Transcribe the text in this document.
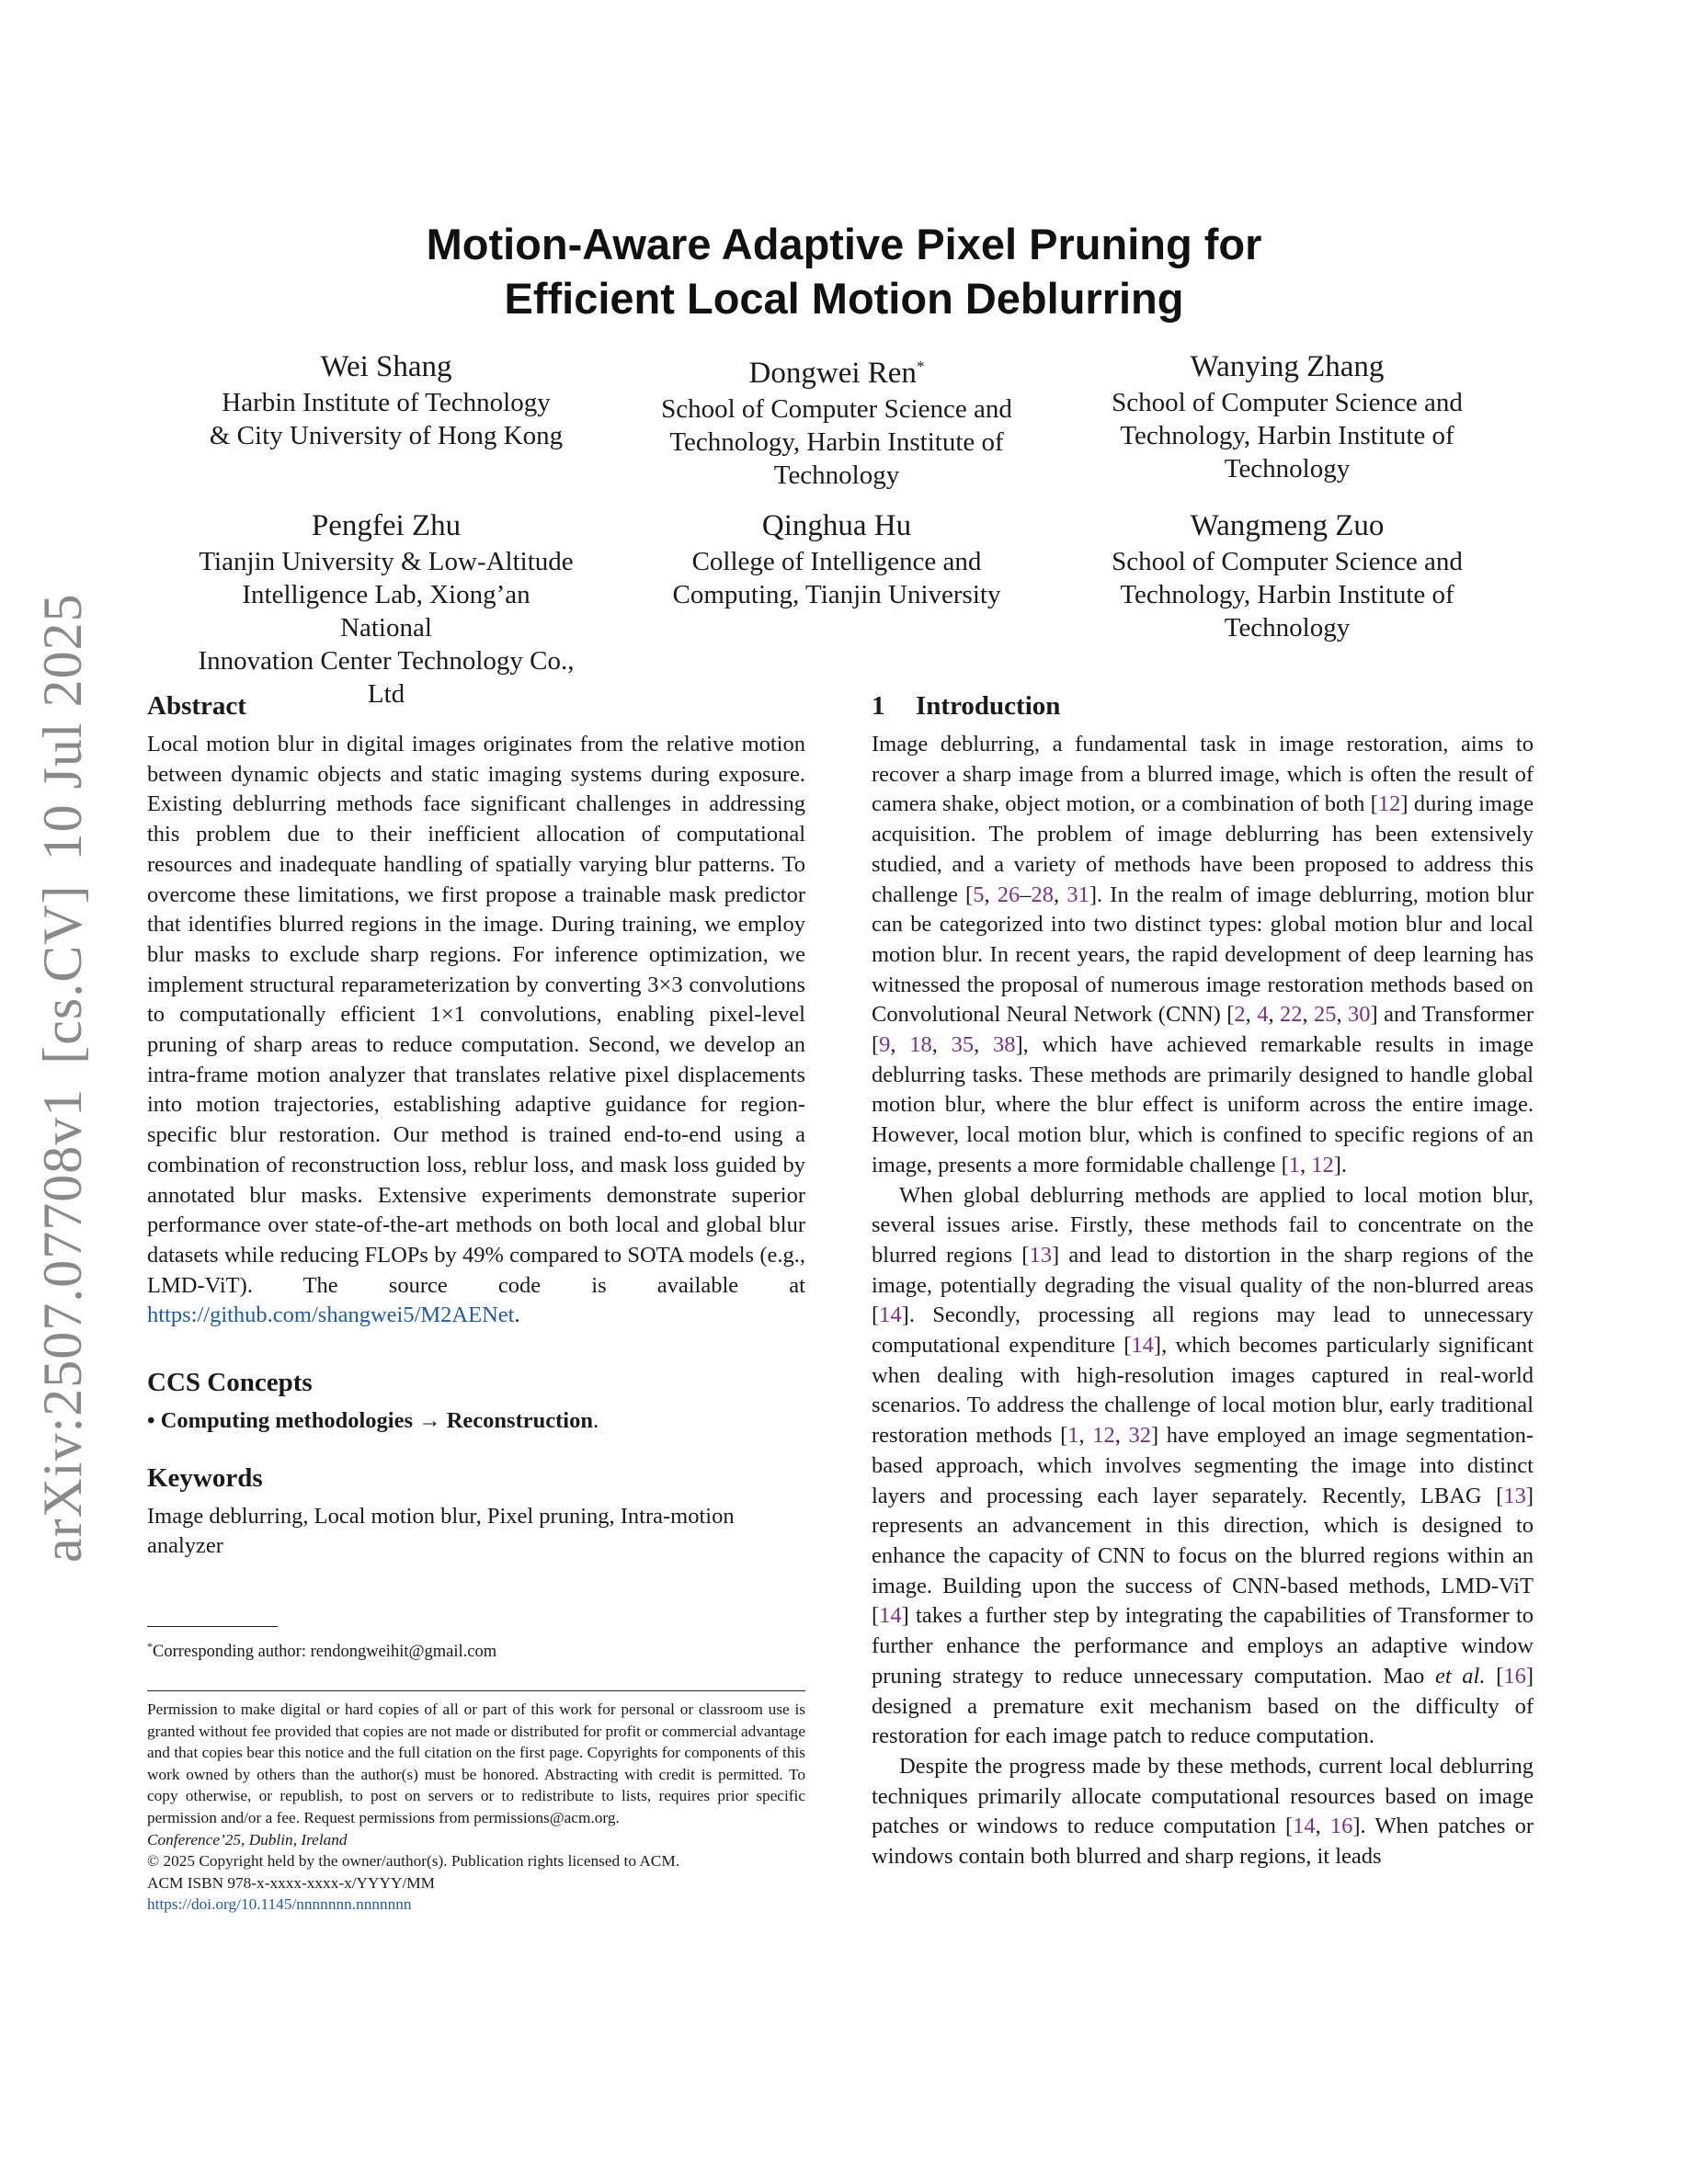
arXiv:2507.07708v1[cs.CV]10 Jul 2025
Motion-Aware Adaptive Pixel Pruning for
Efficient Local Motion Deblurring
Wei Shang
Harbin Institute of Technology
& City University of Hong Kong
Dongwei Ren*
School of Computer Science and
Technology, Harbin Institute of
Technology
Wanying Zhang
School of Computer Science and
Technology, Harbin Institute of
Technology
Pengfei Zhu
Tianjin University & Low-Altitude
Intelligence Lab, Xiong’an National
Innovation Center Technology Co.,
Ltd
Qinghua Hu
College of Intelligence and
Computing, Tianjin University
Wangmeng Zuo
School of Computer Science and
Technology, Harbin Institute of
Technology
Abstract

Local motion blur in digital images originates from the relative motion between dynamic objects and static imaging systems during exposure. Existing deblurring methods face significant challenges in addressing this problem due to their inefficient allocation of computational resources and inadequate handling of spatially varying blur patterns. To overcome these limitations, we first propose a trainable mask predictor that identifies blurred regions in the image. During training, we employ blur masks to exclude sharp regions. For inference optimization, we implement structural reparameterization by converting 3×3 convolutions to computationally efficient 1×1 convolutions, enabling pixel-level pruning of sharp areas to reduce computation. Second, we develop an intra-frame motion analyzer that translates relative pixel displacements into motion trajectories, establishing adaptive guidance for region-specific blur restoration. Our method is trained end-to-end using a combination of reconstruction loss, reblur loss, and mask loss guided by annotated blur masks. Extensive experiments demonstrate superior performance over state-of-the-art methods on both local and global blur datasets while reducing FLOPs by 49% compared to SOTA models (e.g., LMD-ViT). The source code is available at https://github.com/shangwei5/M2AENet.

CCS Concepts

• Computing methodologies → Reconstruction.

Keywords

Image deblurring, Local motion blur, Pixel pruning, Intra-motion analyzer

*Corresponding author: rendongweihit@gmail.com

Permission to make digital or hard copies of all or part of this work for personal or classroom use is granted without fee provided that copies are not made or distributed for profit or commercial advantage and that copies bear this notice and the full citation on the first page. Copyrights for components of this work owned by others than the author(s) must be honored. Abstracting with credit is permitted. To copy otherwise, or republish, to post on servers or to redistribute to lists, requires prior specific permission and/or a fee. Request permissions from permissions@acm.org.

Conference’25, Dublin, Ireland

© 2025 Copyright held by the owner/author(s). Publication rights licensed to ACM.

ACM ISBN 978-x-xxxx-xxxx-x/YYYY/MM

https://doi.org/10.1145/nnnnnnn.nnnnnnn

1 Introduction

Image deblurring, a fundamental task in image restoration, aims to recover a sharp image from a blurred image, which is often the result of camera shake, object motion, or a combination of both [12] during image acquisition. The problem of image deblurring has been extensively studied, and a variety of methods have been proposed to address this challenge [5, 26–28, 31]. In the realm of image deblurring, motion blur can be categorized into two distinct types: global motion blur and local motion blur. In recent years, the rapid development of deep learning has witnessed the proposal of numerous image restoration methods based on Convolutional Neural Network (CNN) [2, 4, 22, 25, 30] and Transformer [9, 18, 35, 38], which have achieved remarkable results in image deblurring tasks. These methods are primarily designed to handle global motion blur, where the blur effect is uniform across the entire image. However, local motion blur, which is confined to specific regions of an image, presents a more formidable challenge [1, 12].

When global deblurring methods are applied to local motion blur, several issues arise. Firstly, these methods fail to concentrate on the blurred regions [13] and lead to distortion in the sharp regions of the image, potentially degrading the visual quality of the non-blurred areas [14]. Secondly, processing all regions may lead to unnecessary computational expenditure [14], which becomes particularly significant when dealing with high-resolution images captured in real-world scenarios. To address the challenge of local motion blur, early traditional restoration methods [1, 12, 32] have employed an image segmentation-based approach, which involves segmenting the image into distinct layers and processing each layer separately. Recently, LBAG [13] represents an advancement in this direction, which is designed to enhance the capacity of CNN to focus on the blurred regions within an image. Building upon the success of CNN-based methods, LMD-ViT [14] takes a further step by integrating the capabilities of Transformer to further enhance the performance and employs an adaptive window pruning strategy to reduce unnecessary computation. Mao et al. [16] designed a premature exit mechanism based on the difficulty of restoration for each image patch to reduce computation.

Despite the progress made by these methods, current local deblurring techniques primarily allocate computational resources based on image patches or windows to reduce computation [14, 16]. When patches or windows contain both blurred and sharp regions, it leads
